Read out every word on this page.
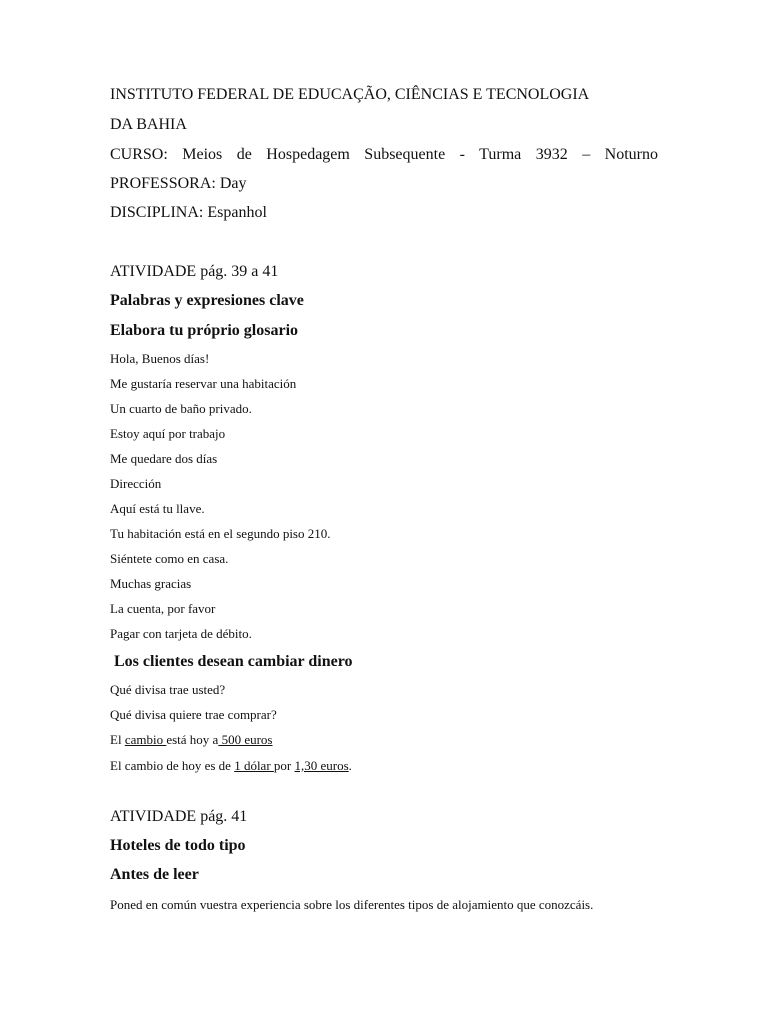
INSTITUTO FEDERAL DE EDUCAÇÃO, CIÊNCIAS E TECNOLOGIA
DA BAHIA
CURSO: Meios de Hospedagem Subsequente - Turma 3932 – Noturno
PROFESSORA: Day
DISCIPLINA: Espanhol
ATIVIDADE pág. 39 a 41
Palabras y expresiones clave
Elabora tu próprio glosario
Hola, Buenos días!
Me gustaría reservar una habitación
Un cuarto de baño privado.
Estoy aquí por trabajo
Me quedare dos días
Dirección
Aquí está tu llave.
Tu habitación está en el segundo piso 210.
Siéntete como en casa.
Muchas gracias
La cuenta, por favor
Pagar con tarjeta de débito.
Los clientes desean cambiar dinero
Qué divisa trae usted?
Qué divisa quiere trae comprar?
El cambio está hoy a 500 euros
El cambio de hoy es de 1 dólar por 1,30 euros.
ATIVIDADE pág. 41
Hoteles de todo tipo
Antes de leer
Poned en común vuestra experiencia sobre los diferentes tipos de alojamiento que conozcáis.
